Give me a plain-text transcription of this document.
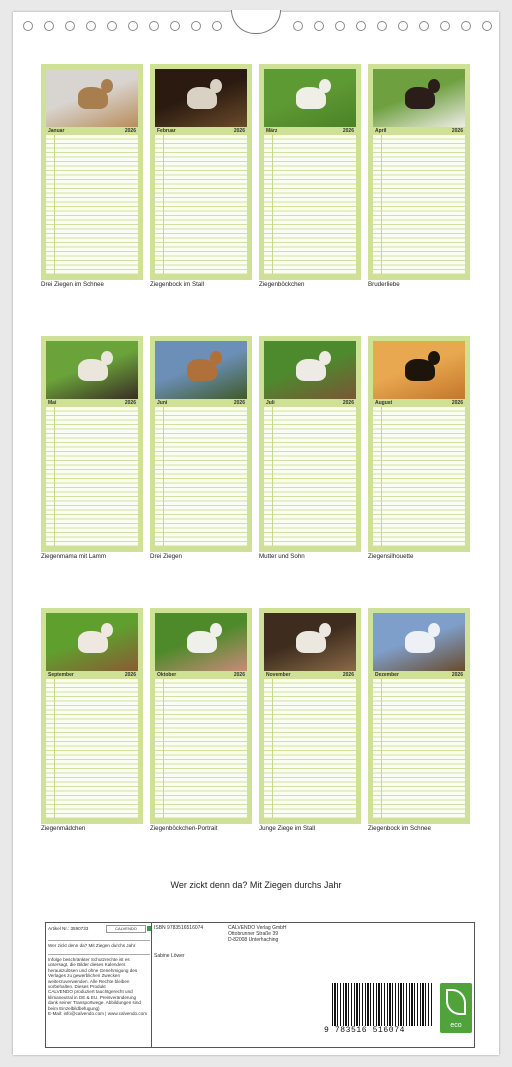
Januar	2026
Drei Ziegen im Schnee
Februar	2026
Ziegenbock im Stall
März	2026
Ziegenböckchen
April	2026
Bruderliebe
Mai	2026
Ziegenmama mit Lamm
Juni	2026
Drei Ziegen
Juli	2026
Mutter und Sohn
August	2026
Ziegensilhouette
September	2026
Ziegenmädchen
Oktober	2026
Ziegenböckchen-Portrait
November	2026
Junge Ziege im Stall
Dezember	2026
Ziegenbock im Schnee
Wer zickt denn da? Mit Ziegen durchs Jahr
Artikel Nr.: 3590733	CALVENDO
Wer zickt denn da? Mit Ziegen durchs Jahr
Infolge beschränkter Schutzrechte ist es untersagt, die Bilder dieses Kalenders herauszulösen und ohne Genehmigung des Verlages zu gewerblichen Zwecken
weiterzuverwenden. Alle Rechte bleiben vorbehalten. Dieses Produkt
CALVENDO produziert tauchtgerecht und klimaneutral in DE & EU. Preisveränderung
dank seiner Transportwege. Abbildungen sind
beim Einzelbildbefugung)
E-Mail: info@calvendo.com | www.calvendo.com
ISBN 9783516516074
Sabine Löwer
CALVENDO Verlag GmbH
Ottobrunner Straße 39
D-82008 Unterhaching
9 783516 516074
eco
